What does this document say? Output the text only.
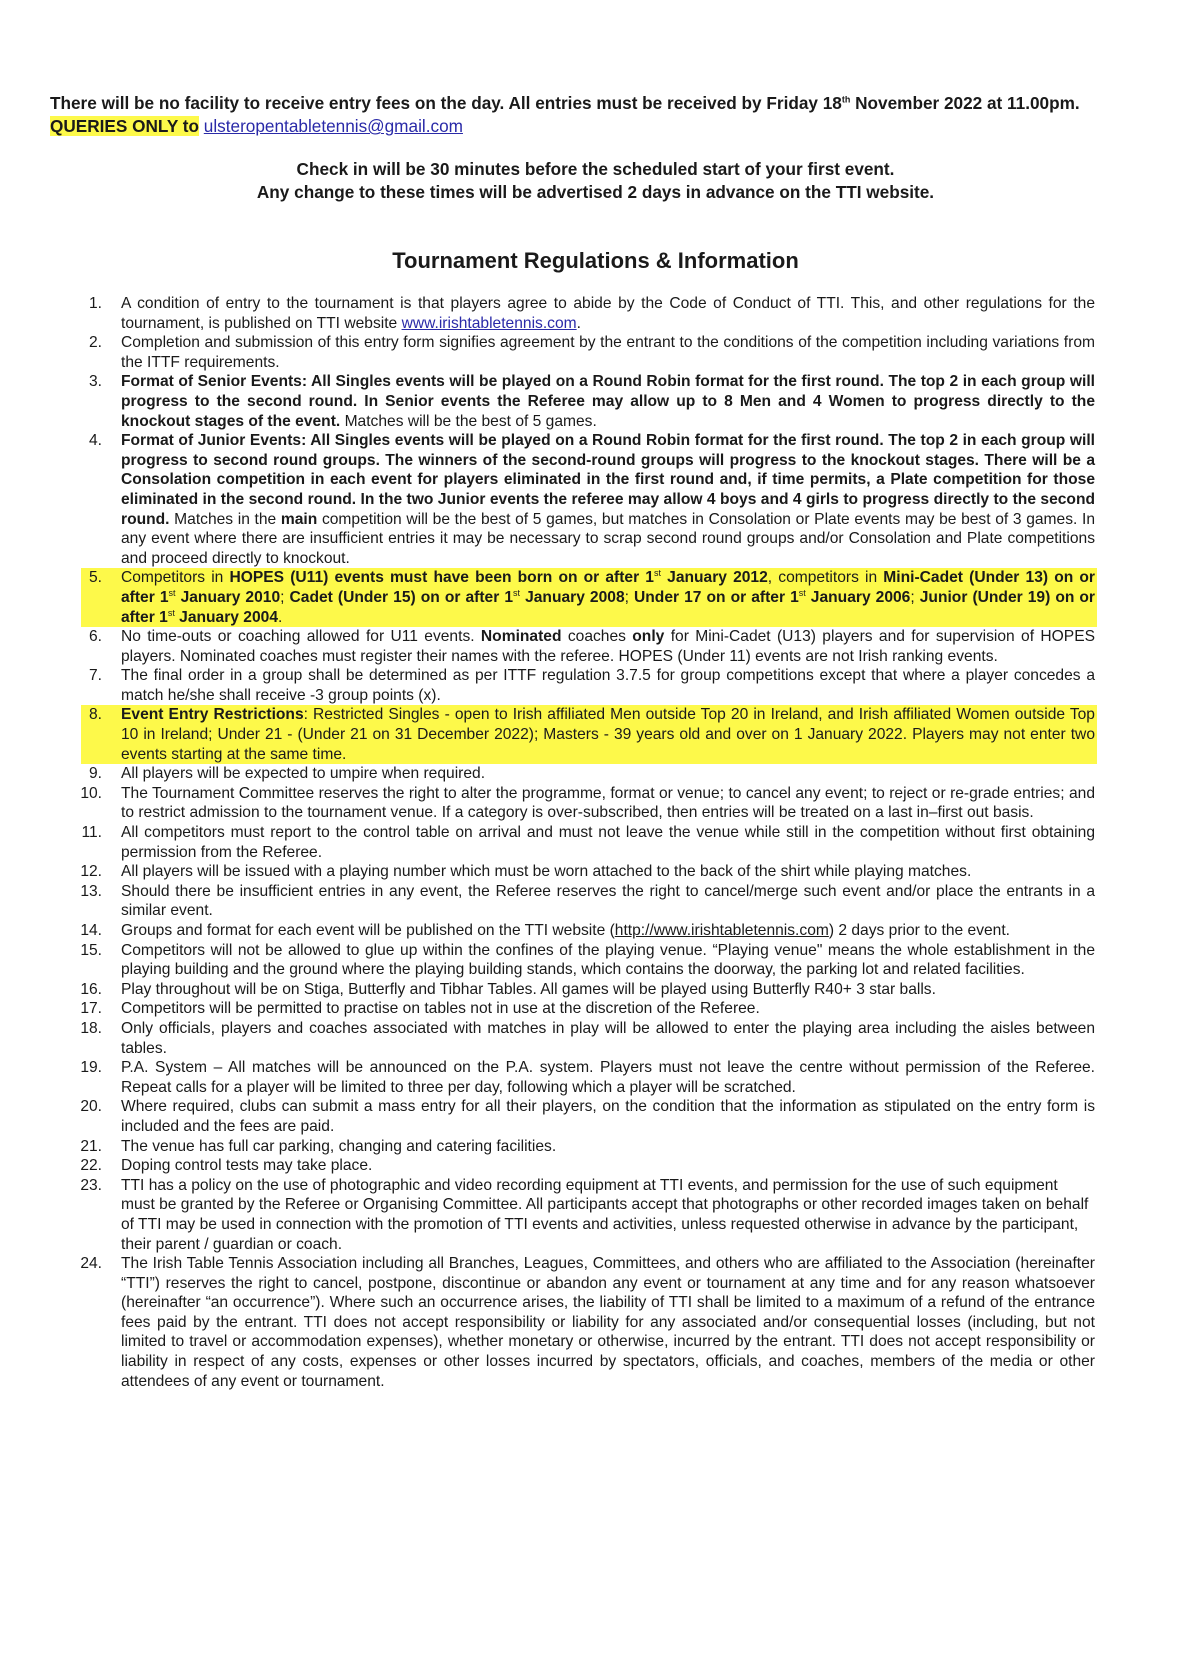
There will be no facility to receive entry fees on the day. All entries must be received by Friday 18th November 2022 at 11.00pm. QUERIES ONLY to ulsteropentabletennis@gmail.com

Check in will be 30 minutes before the scheduled start of your first event.
Any change to these times will be advertised 2 days in advance on the TTI website.
Tournament Regulations & Information
1. A condition of entry to the tournament is that players agree to abide by the Code of Conduct of TTI. This, and other regulations for the tournament, is published on TTI website www.irishtabletennis.com.
2. Completion and submission of this entry form signifies agreement by the entrant to the conditions of the competition including variations from the ITTF requirements.
3. Format of Senior Events: All Singles events will be played on a Round Robin format for the first round. The top 2 in each group will progress to the second round. In Senior events the Referee may allow up to 8 Men and 4 Women to progress directly to the knockout stages of the event. Matches will be the best of 5 games.
4. Format of Junior Events: All Singles events will be played on a Round Robin format for the first round. The top 2 in each group will progress to second round groups. The winners of the second-round groups will progress to the knockout stages. There will be a Consolation competition in each event for players eliminated in the first round and, if time permits, a Plate competition for those eliminated in the second round. In the two Junior events the referee may allow 4 boys and 4 girls to progress directly to the second round. Matches in the main competition will be the best of 5 games, but matches in Consolation or Plate events may be best of 3 games. In any event where there are insufficient entries it may be necessary to scrap second round groups and/or Consolation and Plate competitions and proceed directly to knockout.
5. Competitors in HOPES (U11) events must have been born on or after 1st January 2012, competitors in Mini-Cadet (Under 13) on or after 1st January 2010; Cadet (Under 15) on or after 1st January 2008; Under 17 on or after 1st January 2006; Junior (Under 19) on or after 1st January 2004.
6. No time-outs or coaching allowed for U11 events. Nominated coaches only for Mini-Cadet (U13) players and for supervision of HOPES players. Nominated coaches must register their names with the referee. HOPES (Under 11) events are not Irish ranking events.
7. The final order in a group shall be determined as per ITTF regulation 3.7.5 for group competitions except that where a player concedes a match he/she shall receive -3 group points (x).
8. Event Entry Restrictions: Restricted Singles - open to Irish affiliated Men outside Top 20 in Ireland, and Irish affiliated Women outside Top 10 in Ireland; Under 21 - (Under 21 on 31 December 2022); Masters - 39 years old and over on 1 January 2022. Players may not enter two events starting at the same time.
9. All players will be expected to umpire when required.
10. The Tournament Committee reserves the right to alter the programme, format or venue; to cancel any event; to reject or re-grade entries; and to restrict admission to the tournament venue. If a category is over-subscribed, then entries will be treated on a last in–first out basis.
11. All competitors must report to the control table on arrival and must not leave the venue while still in the competition without first obtaining permission from the Referee.
12. All players will be issued with a playing number which must be worn attached to the back of the shirt while playing matches.
13. Should there be insufficient entries in any event, the Referee reserves the right to cancel/merge such event and/or place the entrants in a similar event.
14. Groups and format for each event will be published on the TTI website (http://www.irishtabletennis.com) 2 days prior to the event.
15. Competitors will not be allowed to glue up within the confines of the playing venue. “Playing venue" means the whole establishment in the playing building and the ground where the playing building stands, which contains the doorway, the parking lot and related facilities.
16. Play throughout will be on Stiga, Butterfly and Tibhar Tables. All games will be played using Butterfly R40+ 3 star balls.
17. Competitors will be permitted to practise on tables not in use at the discretion of the Referee.
18. Only officials, players and coaches associated with matches in play will be allowed to enter the playing area including the aisles between tables.
19. P.A. System – All matches will be announced on the P.A. system. Players must not leave the centre without permission of the Referee. Repeat calls for a player will be limited to three per day, following which a player will be scratched.
20. Where required, clubs can submit a mass entry for all their players, on the condition that the information as stipulated on the entry form is included and the fees are paid.
21. The venue has full car parking, changing and catering facilities.
22. Doping control tests may take place.
23. TTI has a policy on the use of photographic and video recording equipment at TTI events, and permission for the use of such equipment must be granted by the Referee or Organising Committee. All participants accept that photographs or other recorded images taken on behalf of TTI may be used in connection with the promotion of TTI events and activities, unless requested otherwise in advance by the participant, their parent / guardian or coach.
24. The Irish Table Tennis Association including all Branches, Leagues, Committees, and others who are affiliated to the Association (hereinafter “TTI”) reserves the right to cancel, postpone, discontinue or abandon any event or tournament at any time and for any reason whatsoever (hereinafter “an occurrence”). Where such an occurrence arises, the liability of TTI shall be limited to a maximum of a refund of the entrance fees paid by the entrant. TTI does not accept responsibility or liability for any associated and/or consequential losses (including, but not limited to travel or accommodation expenses), whether monetary or otherwise, incurred by the entrant. TTI does not accept responsibility or liability in respect of any costs, expenses or other losses incurred by spectators, officials, and coaches, members of the media or other attendees of any event or tournament.
